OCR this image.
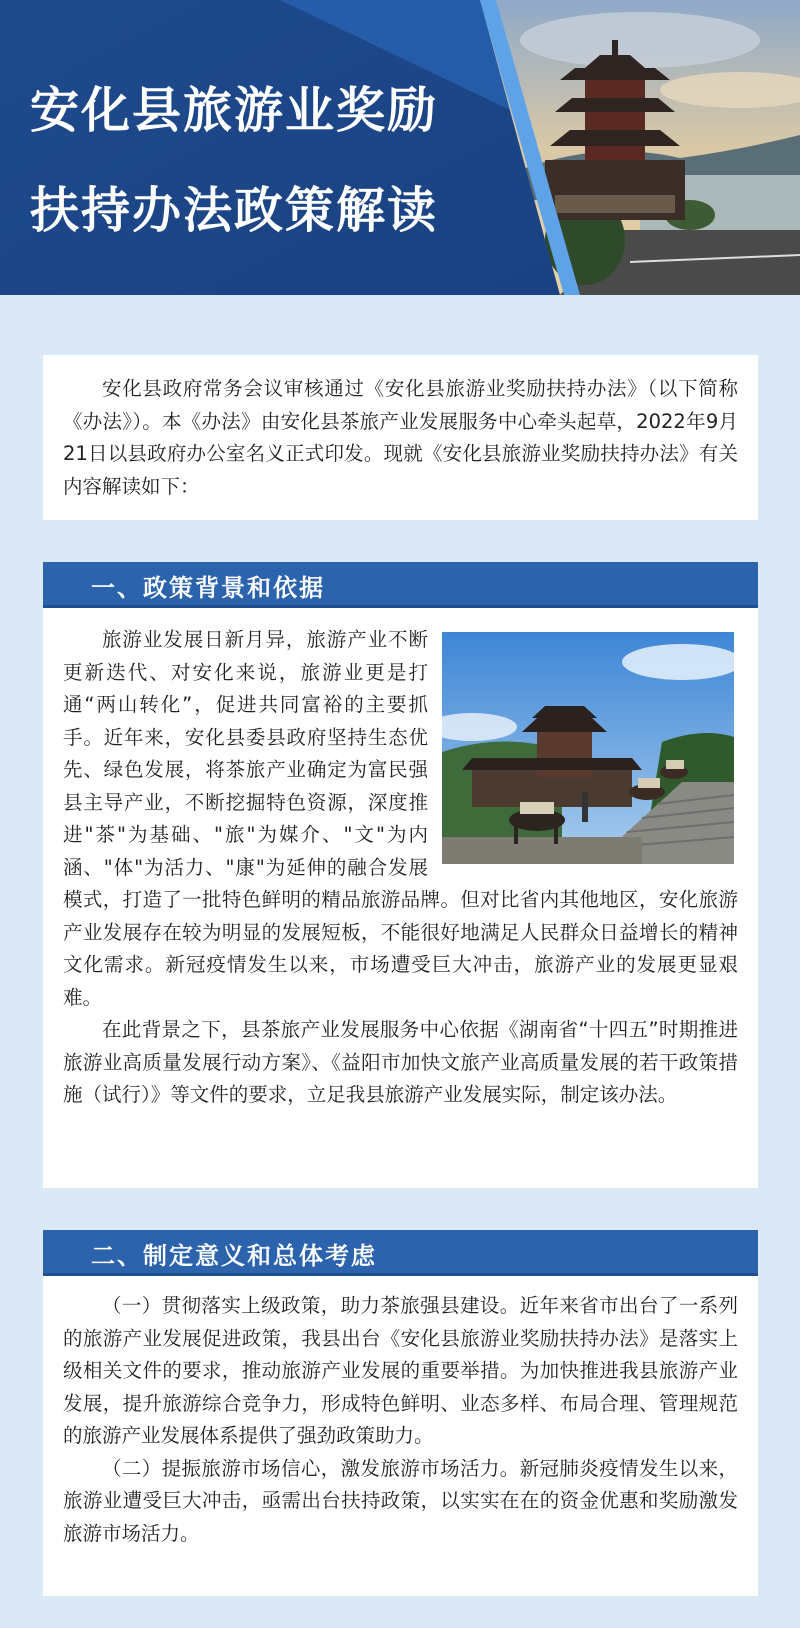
安化县旅游业奖励
扶持办法政策解读

安化县政府常务会议审核通过《安化县旅游业奖励扶持办法》（以下简称《办法》）。本《办法》由安化县茶旅产业发展服务中心牵头起草，2022年9月21日以县政府办公室名义正式印发。现就《安化县旅游业奖励扶持办法》有关内容解读如下：

一、政策背景和依据

旅游业发展日新月异，旅游产业不断更新迭代、对安化来说，旅游业更是打通“两山转化”，促进共同富裕的主要抓手。近年来，安化县委县政府坚持生态优先、绿色发展，将茶旅产业确定为富民强县主导产业，不断挖掘特色资源，深度推进"茶"为基础、"旅"为媒介、"文"为内涵、"体"为活力、"康"为延伸的融合发展模式，打造了一批特色鲜明的精品旅游品牌。但对比省内其他地区，安化旅游产业发展存在较为明显的发展短板，不能很好地满足人民群众日益增长的精神文化需求。新冠疫情发生以来，市场遭受巨大冲击，旅游产业的发展更显艰难。

在此背景之下，县茶旅产业发展服务中心依据《湖南省“十四五”时期推进旅游业高质量发展行动方案》、《益阳市加快文旅产业高质量发展的若干政策措施（试行）》等文件的要求，立足我县旅游产业发展实际，制定该办法。

二、制定意义和总体考虑

（一）贯彻落实上级政策，助力茶旅强县建设。近年来省市出台了一系列的旅游产业发展促进政策，我县出台《安化县旅游业奖励扶持办法》是落实上级相关文件的要求，推动旅游产业发展的重要举措。为加快推进我县旅游产业发展，提升旅游综合竞争力，形成特色鲜明、业态多样、布局合理、管理规范的旅游产业发展体系提供了强劲政策助力。

（二）提振旅游市场信心，激发旅游市场活力。新冠肺炎疫情发生以来，旅游业遭受巨大冲击，亟需出台扶持政策，以实实在在的资金优惠和奖励激发旅游市场活力。
